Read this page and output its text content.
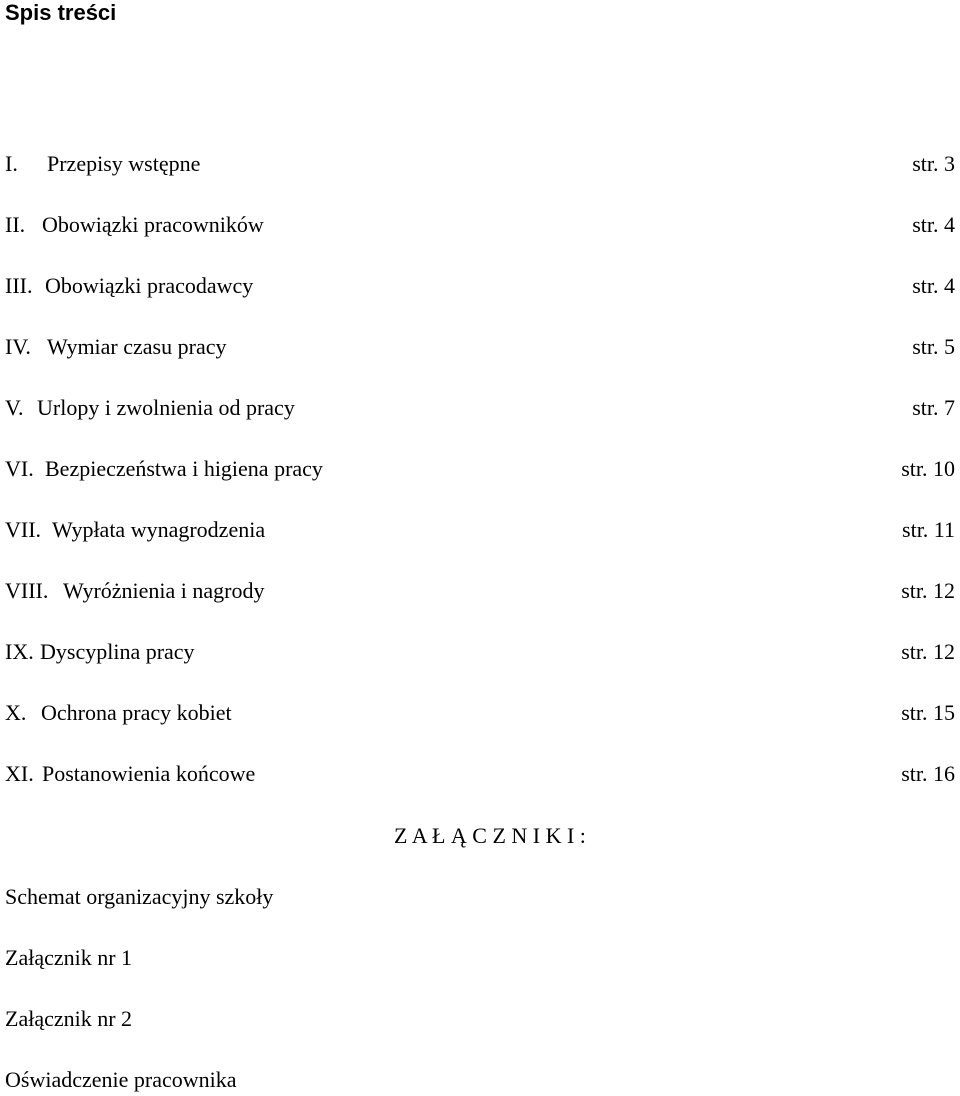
Spis treści
I. Przepisy wstępne	str. 3
II. Obowiązki pracowników	str. 4
III. Obowiązki pracodawcy	str. 4
IV. Wymiar czasu pracy	str. 5
V. Urlopy i zwolnienia od pracy	str. 7
VI. Bezpieczeństwa i higiena pracy	str. 10
VII. Wypłata wynagrodzenia	str. 11
VIII. Wyróżnienia i nagrody	str. 12
IX. Dyscyplina pracy	str. 12
X. Ochrona pracy kobiet	str. 15
XI. Postanowienia końcowe	str. 16
Z A Ł Ą C Z N I K I :
Schemat organizacyjny szkoły
Załącznik nr 1
Załącznik nr 2
Oświadczenie pracownika
